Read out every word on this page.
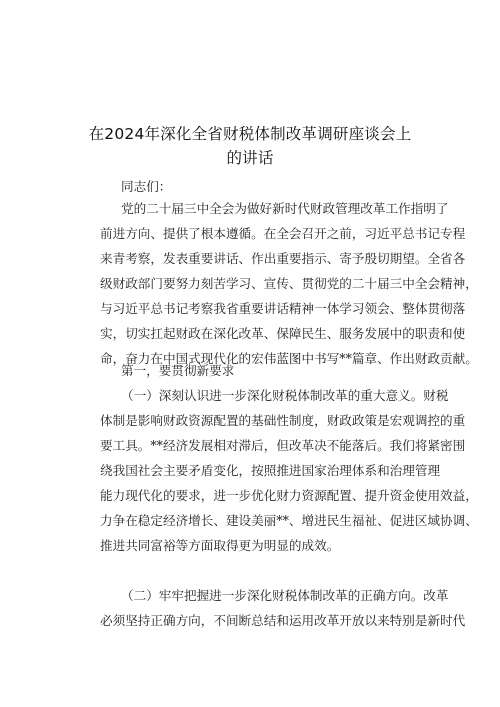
在2024年深化全省财税体制改革调研座谈会上
的讲话
同志们：
党的二十届三中全会为做好新时代财政管理改革工作指明了
前进方向、提供了根本遵循。在全会召开之前，习近平总书记专程
来青考察，发表重要讲话、作出重要指示、寄予殷切期望。全省各
级财政部门要努力刻苦学习、宣传、贯彻党的二十届三中全会精神，
与习近平总书记考察我省重要讲话精神一体学习领会、整体贯彻落
实，切实扛起财政在深化改革、保障民生、服务发展中的职责和使
命，奋力在中国式现代化的宏伟蓝图中书写**篇章、作出财政贡献。
第一，要贯彻新要求
（一）深刻认识进一步深化财税体制改革的重大意义。财税
体制是影响财政资源配置的基础性制度，财政政策是宏观调控的重
要工具。**经济发展相对滞后，但改革决不能落后。我们将紧密围
绕我国社会主要矛盾变化，按照推进国家治理体系和治理管理
能力现代化的要求，进一步优化财力资源配置、提升资金使用效益，
力争在稳定经济增长、建设美丽**、增进民生福祉、促进区域协调、
推进共同富裕等方面取得更为明显的成效。
（二）牢牢把握进一步深化财税体制改革的正确方向。改革
必须坚持正确方向，不间断总结和运用改革开放以来特别是新时代
